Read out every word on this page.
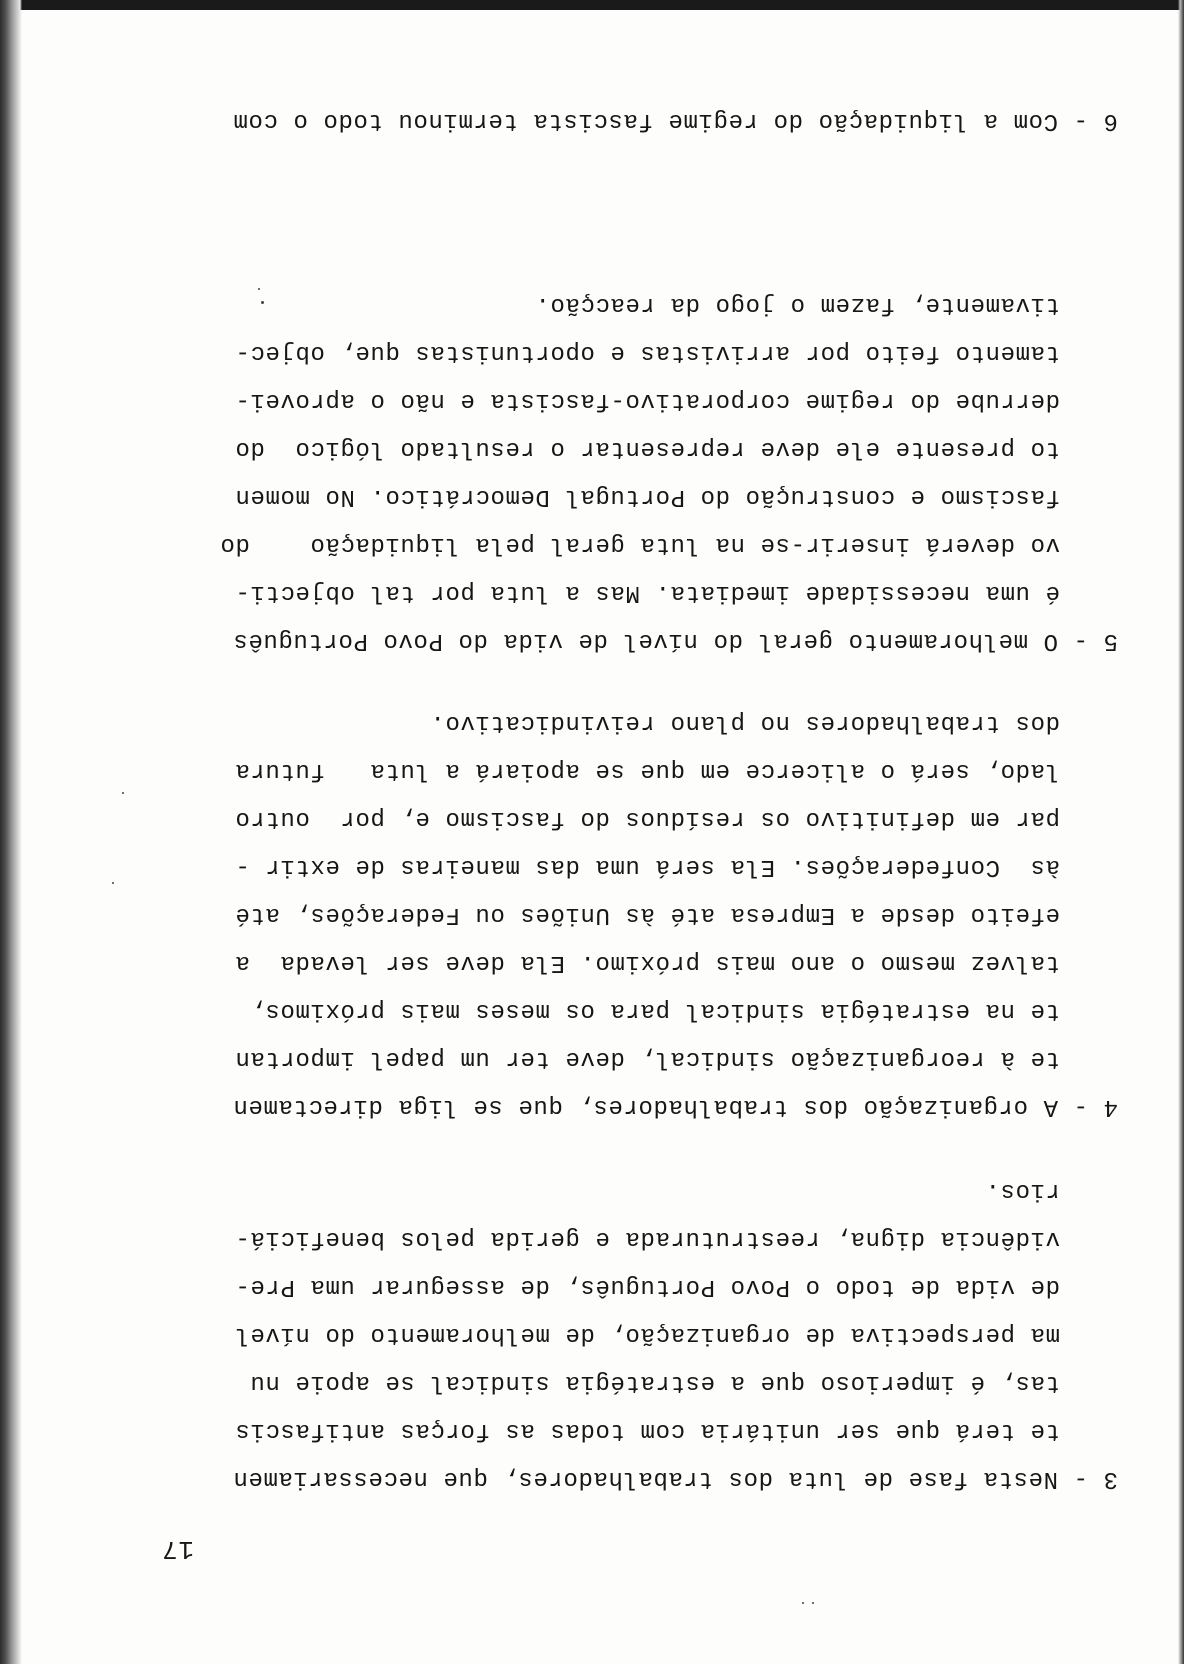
17
3 - Nesta fase de luta dos trabalhadores, que necessariamen
te terá que ser unitária com todas as forças antifascis
tas, é imperioso que a estratégia sindical se apoie nu
ma perspectiva de organização, de melhoramento do nível
de vida de todo o Povo Português, de assegurar uma Pre-
vidência digna, reestruturada e gerida pelos beneficiá-
rios.
4 - A organização dos trabalhadores, que se liga directamen
te à reorganização sindical, deve ter um papel importan
te na estratégia sindical para os meses mais próximos,
talvez mesmo o ano mais próximo. Ela deve ser levada  a
efeito desde a Empresa até às Uniões ou Federações, até
às  Confederações. Ela será uma das maneiras de extir -
par em definitivo os resíduos do fascismo e, por  outro
lado, será o alicerce em que se apoiará a luta   futura
dos trabalhadores no plano reivindicativo.
5 - O melhoramento geral do nível de vida do Povo Português
é uma necessidade imediata. Mas a luta por tal objecti-
vo deverá inserir-se na luta geral pela liquidação    do
fascismo e construção do Portugal Democrático. No momen
to presente ele deve representar o resultado lógico  do
derrube do regime corporativo-fascista e não o aprovei-
tamento feito por arrivistas e oportunistas que, objec-
tivamente, fazem o jogo da reacção.
6 - Com a liquidação do regime fascista terminou todo o com
